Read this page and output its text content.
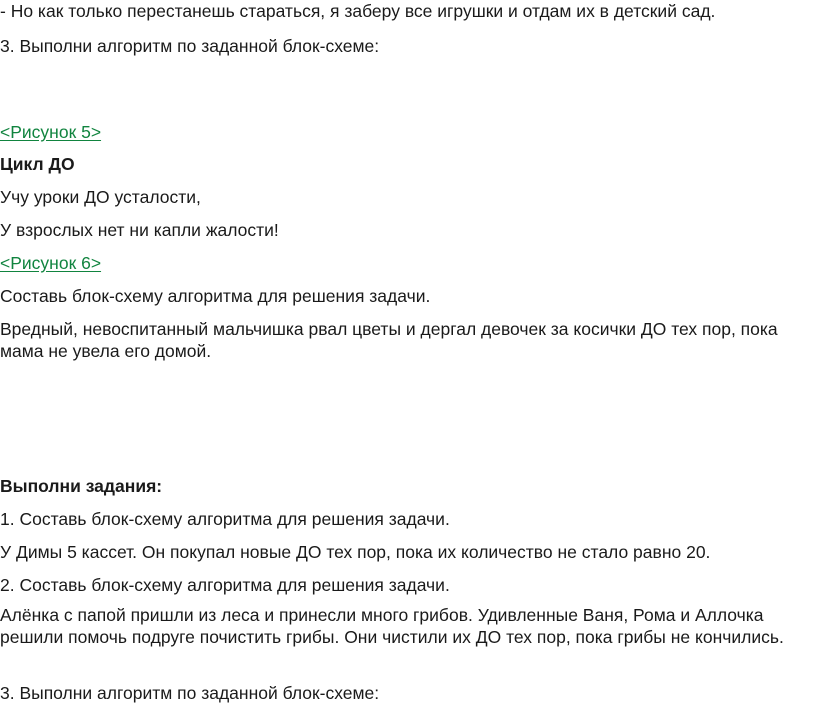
- Но как только перестанешь стараться, я заберу все игрушки и отдам их в детский сад.
3. Выполни алгоритм по заданной блок-схеме:
<Рисунок 5>
Цикл ДО
Учу уроки ДО усталости,
У взрослых нет ни капли жалости!
<Рисунок 6>
Составь блок-схему алгоритма для решения задачи.
Вредный, невоспитанный мальчишка рвал цветы и дергал девочек за косички ДО тех пор, пока мама не увела его домой.
Выполни задания:
1. Составь блок-схему алгоритма для решения задачи.
У Димы 5 кассет. Он покупал новые ДО тех пор, пока их количество не стало равно 20.
2. Составь блок-схему алгоритма для решения задачи.
Алёнка с папой пришли из леса и принесли много грибов. Удивленные Ваня, Рома и Аллочка решили помочь подруге почистить грибы. Они чистили их ДО тех пор, пока грибы не кончились.
3. Выполни алгоритм по заданной блок-схеме:
